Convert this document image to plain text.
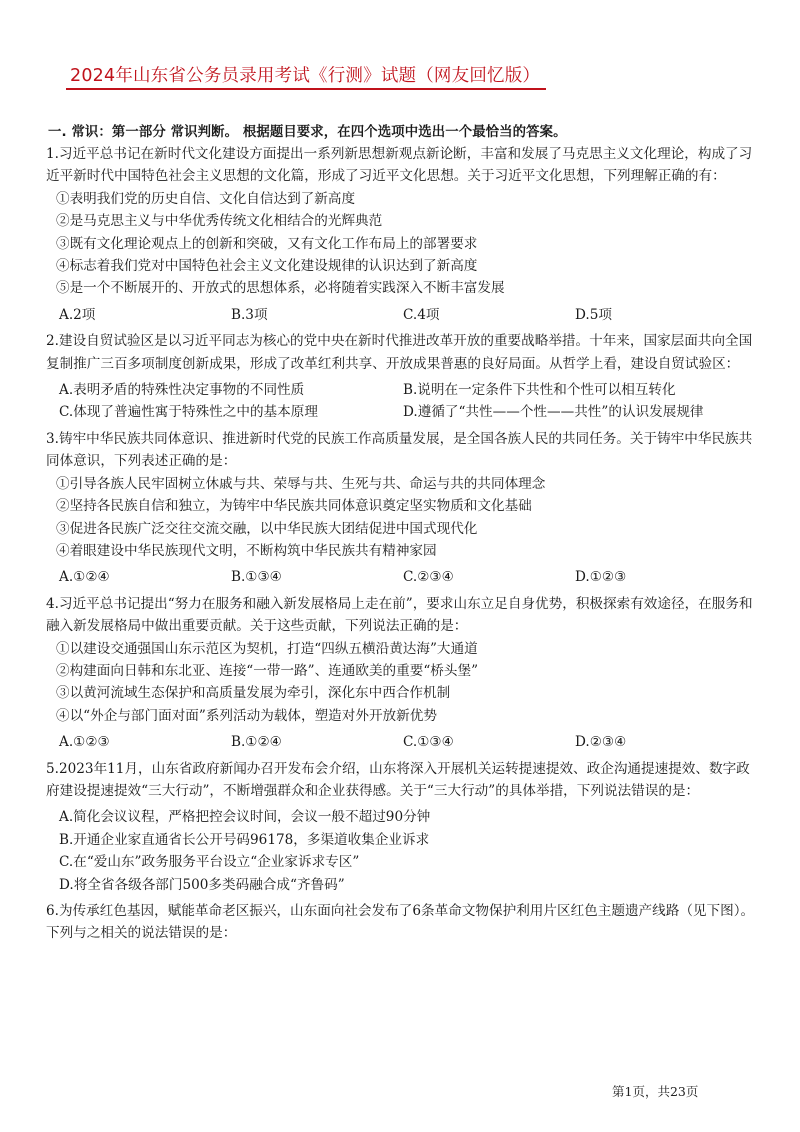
2024年山东省公务员录用考试《行测》试题（网友回忆版）
一. 常识：第一部分 常识判断。 根据题目要求，在四个选项中选出一个最恰当的答案。

1.习近平总书记在新时代文化建设方面提出一系列新思想新观点新论断，丰富和发展了马克思主义文化理论，构成了习近平新时代中国特色社会主义思想的文化篇，形成了习近平文化思想。关于习近平文化思想，下列理解正确的有：

①表明我们党的历史自信、文化自信达到了新高度

②是马克思主义与中华优秀传统文化相结合的光辉典范

③既有文化理论观点上的创新和突破，又有文化工作布局上的部署要求

④标志着我们党对中国特色社会主义文化建设规律的认识达到了新高度

⑤是一个不断展开的、开放式的思想体系，必将随着实践深入不断丰富发展

A.2项	B.3项	C.4项	D.5项

2.建设自贸试验区是以习近平同志为核心的党中央在新时代推进改革开放的重要战略举措。十年来，国家层面共向全国复制推广三百多项制度创新成果，形成了改革红利共享、开放成果普惠的良好局面。从哲学上看，建设自贸试验区：

A.表明矛盾的特殊性决定事物的不同性质	B.说明在一定条件下共性和个性可以相互转化
C.体现了普遍性寓于特殊性之中的基本原理	D.遵循了“共性——个性——共性”的认识发展规律

3.铸牢中华民族共同体意识、推进新时代党的民族工作高质量发展，是全国各族人民的共同任务。关于铸牢中华民族共同体意识，下列表述正确的是：

①引导各族人民牢固树立休戚与共、荣辱与共、生死与共、命运与共的共同体理念

②坚持各民族自信和独立，为铸牢中华民族共同体意识奠定坚实物质和文化基础

③促进各民族广泛交往交流交融，以中华民族大团结促进中国式现代化

④着眼建设中华民族现代文明，不断构筑中华民族共有精神家园

A.①②④	B.①③④	C.②③④	D.①②③

4.习近平总书记提出“努力在服务和融入新发展格局上走在前”，要求山东立足自身优势，积极探索有效途径，在服务和融入新发展格局中做出重要贡献。关于这些贡献，下列说法正确的是：

①以建设交通强国山东示范区为契机，打造“四纵五横沿黄达海”大通道

②构建面向日韩和东北亚、连接“一带一路”、连通欧美的重要“桥头堡”

③以黄河流域生态保护和高质量发展为牵引，深化东中西合作机制

④以“外企与部门面对面”系列活动为载体，塑造对外开放新优势

A.①②③	B.①②④	C.①③④	D.②③④

5.2023年11月，山东省政府新闻办召开发布会介绍，山东将深入开展机关运转提速提效、政企沟通提速提效、数字政府建设提速提效“三大行动”，不断增强群众和企业获得感。关于“三大行动”的具体举措，下列说法错误的是：

A.简化会议议程，严格把控会议时间，会议一般不超过90分钟
B.开通企业家直通省长公开号码96178，多渠道收集企业诉求
C.在“爱山东”政务服务平台设立“企业家诉求专区”
D.将全省各级各部门500多类码融合成“齐鲁码”

6.为传承红色基因，赋能革命老区振兴，山东面向社会发布了6条革命文物保护利用片区红色主题遗产线路（见下图）。下列与之相关的说法错误的是：

第1页，共23页
